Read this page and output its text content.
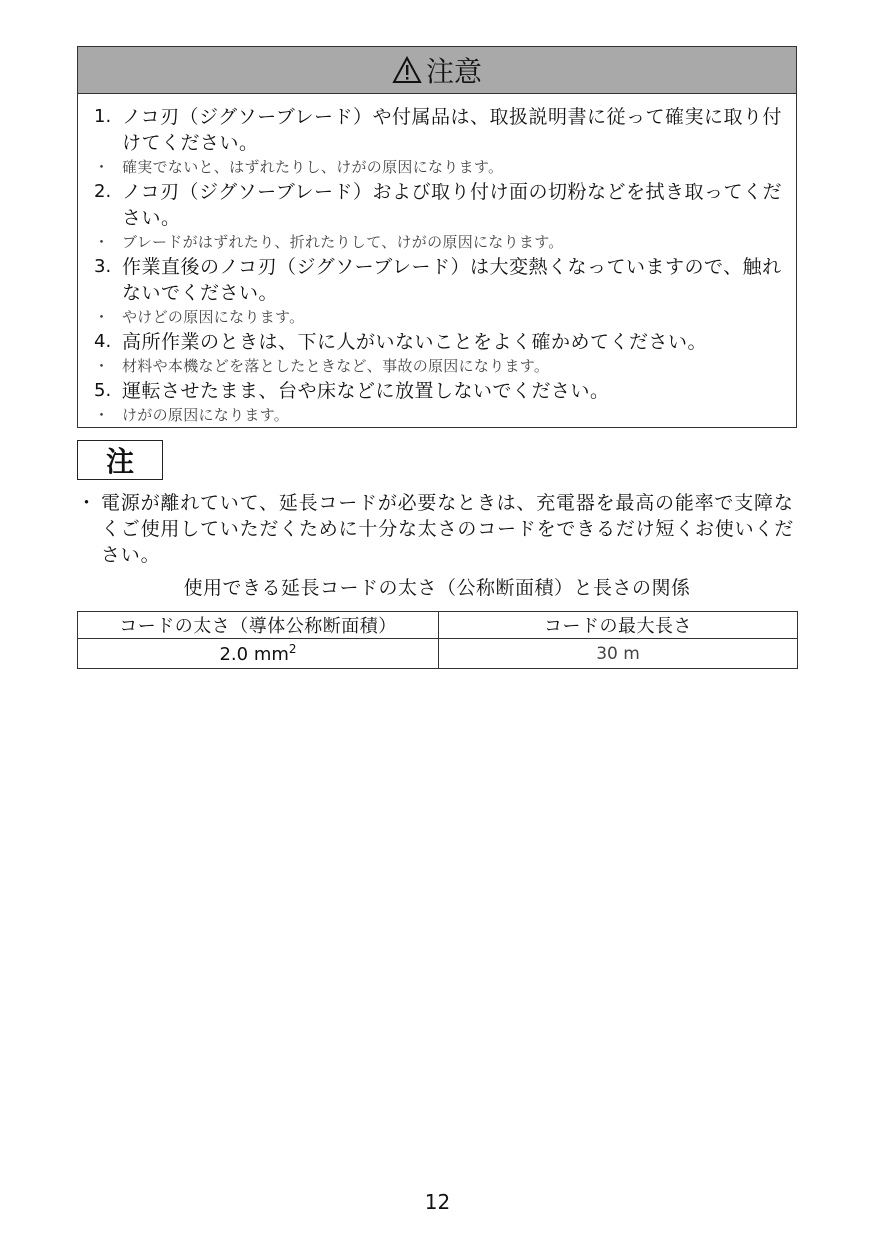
注意
1. ノコ刃（ジグソーブレード）や付属品は、取扱説明書に従って確実に取り付けてください。
・ 確実でないと、はずれたりし、けがの原因になります。
2. ノコ刃（ジグソーブレード）および取り付け面の切粉などを拭き取ってください。
・ ブレードがはずれたり、折れたりして、けがの原因になります。
3. 作業直後のノコ刃（ジグソーブレード）は大変熱くなっていますので、触れないでください。
・ やけどの原因になります。
4. 高所作業のときは、下に人がいないことをよく確かめてください。
・ 材料や本機などを落としたときなど、事故の原因になります。
5. 運転させたまま、台や床などに放置しないでください。
・ けがの原因になります。
注
・ 電源が離れていて、延長コードが必要なときは、充電器を最高の能率で支障なくご使用していただくために十分な太さのコードをできるだけ短くお使いください。
使用できる延長コードの太さ（公称断面積）と長さの関係
コードの太さ（導体公称断面積）	コードの最大長さ
2.0 $mm^2$	30 m
12
